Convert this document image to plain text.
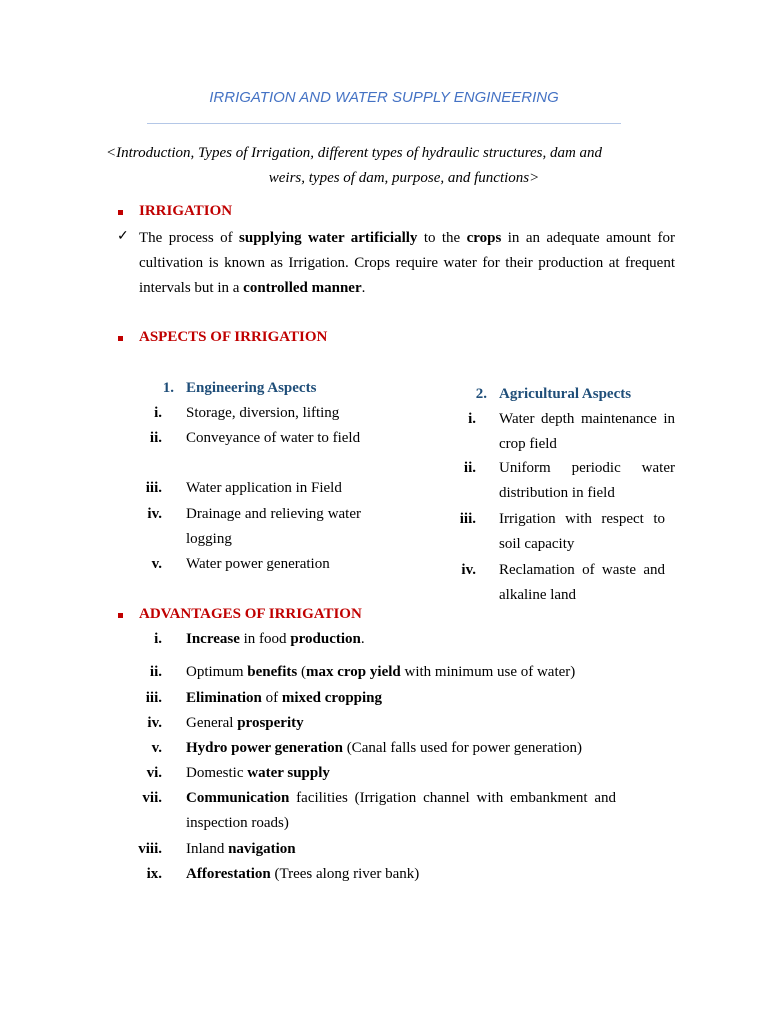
IRRIGATION AND WATER SUPPLY ENGINEERING
<Introduction, Types of Irrigation, different types of hydraulic structures, dam and
weirs, types of dam, purpose, and functions>
IRRIGATION
✓ The process of supplying water artificially to the crops in an adequate amount for cultivation is known as Irrigation. Crops require water for their production at frequent intervals but in a controlled manner.
ASPECTS OF IRRIGATION
1. Engineering Aspects
i. Storage, diversion, lifting
ii. Conveyance of water to field
iii. Water application in Field
iv. Drainage and relieving water logging
v. Water power generation
2. Agricultural Aspects
i. Water depth maintenance in crop field
ii. Uniform periodic water distribution in field
iii. Irrigation with respect to soil capacity
iv. Reclamation of waste and alkaline land
ADVANTAGES OF IRRIGATION
i. Increase in food production.
ii. Optimum benefits (max crop yield with minimum use of water)
iii. Elimination of mixed cropping
iv. General prosperity
v. Hydro power generation (Canal falls used for power generation)
vi. Domestic water supply
vii. Communication facilities (Irrigation channel with embankment and inspection roads)
viii. Inland navigation
ix. Afforestation (Trees along river bank)
